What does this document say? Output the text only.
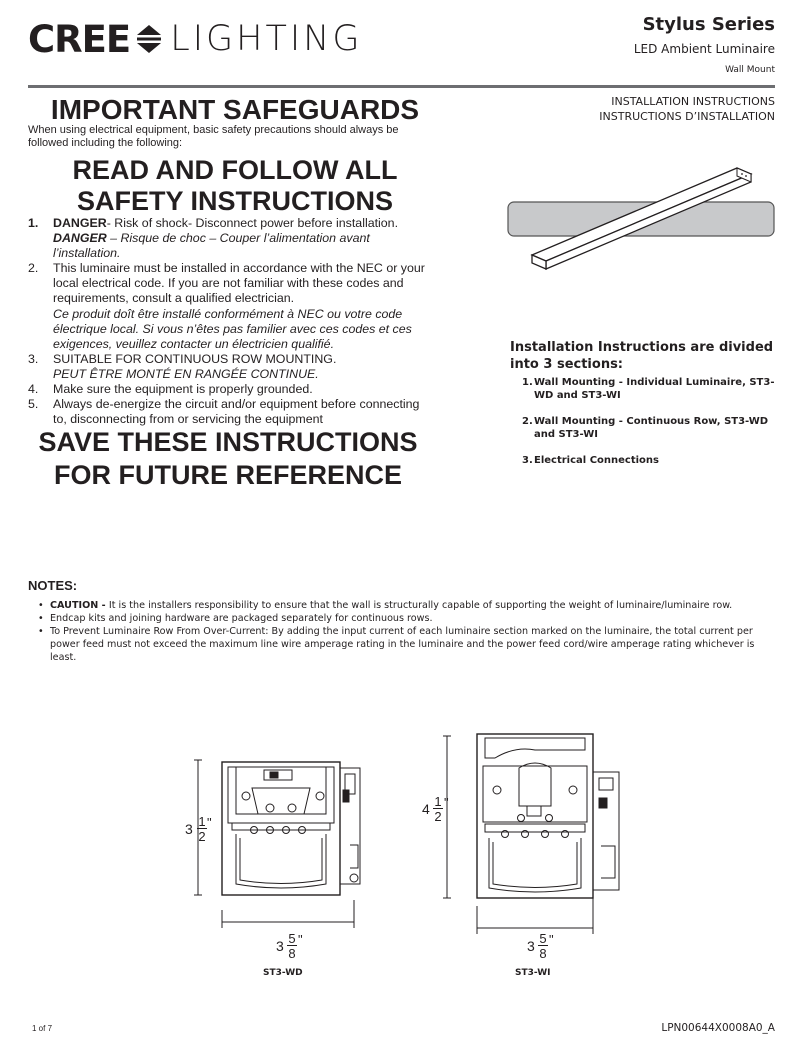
CREE LIGHTING	Stylus Series
LED Ambient Luminaire
Wall Mount
INSTALLATION INSTRUCTIONS
INSTRUCTIONS D’INSTALLATION
IMPORTANT SAFEGUARDS
When using electrical equipment, basic safety precautions should always be followed including the following:
READ AND FOLLOW ALL
SAFETY INSTRUCTIONS
1.	DANGER- Risk of shock- Disconnect power before installation.
DANGER – Risque de choc – Couper l’alimentation avant l’installation.
2.	This luminaire must be installed in accordance with the NEC or your local electrical code. If you are not familiar with these codes and requirements, consult a qualified electrician.
Ce produit doît être installé conformément à NEC ou votre code électrique local. Si vous n’êtes pas familier avec ces codes et ces exigences, veuillez contacter un électricien qualifié.
3.	SUITABLE FOR CONTINUOUS ROW MOUNTING.
PEUT ÊTRE MONTÉ EN RANGÉE CONTINUE.
4.	Make sure the equipment is properly grounded.
5.	Always de-energize the circuit and/or equipment before connecting to, disconnecting from or servicing the equipment
SAVE THESE INSTRUCTIONS
FOR FUTURE REFERENCE
Installation Instructions are divided into 3 sections:
1. Wall Mounting - Individual Luminaire, ST3-WD and ST3-WI
2. Wall Mounting - Continuous Row, ST3-WD and ST3-WI
3. Electrical Connections
NOTES:
• CAUTION - It is the installers responsibility to ensure that the wall is structurally capable of supporting the weight of luminaire/luminaire row.
• Endcap kits and joining hardware are packaged separately for continuous rows.
• To Prevent Luminaire Row From Over-Current: By adding the input current of each luminaire section marked on the luminaire, the total current per power feed must not exceed the maximum line wire amperage rating in the luminaire and the power feed cord/wire amperage rating whichever is least.
3 1
2
"
3 5
8
"
ST3-WD
4 1
2
"
3 5
8
"
ST3-WI
1 of 7	LPN00644X0008A0_A
